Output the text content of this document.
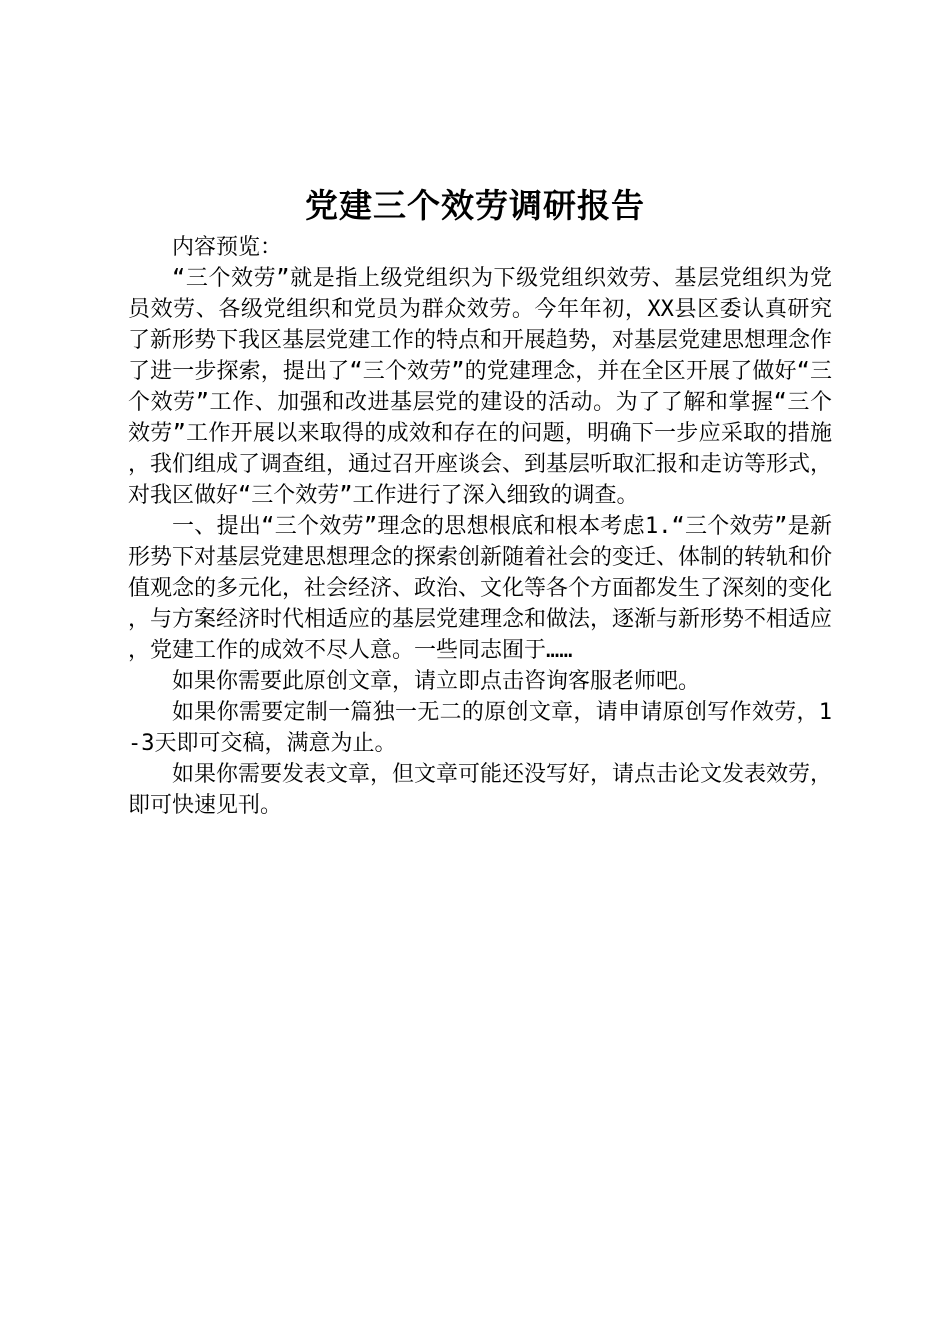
党建三个效劳调研报告

内容预览：

“三个效劳”就是指上级党组织为下级党组织效劳、基层党组织为党员效劳、各级党组织和党员为群众效劳。今年年初，XX县区委认真研究了新形势下我区基层党建工作的特点和开展趋势，对基层党建思想理念作了进一步探索，提出了“三个效劳”的党建理念，并在全区开展了做好“三个效劳”工作、加强和改进基层党的建设的活动。为了了解和掌握“三个效劳”工作开展以来取得的成效和存在的问题，明确下一步应采取的措施，我们组成了调查组，通过召开座谈会、到基层听取汇报和走访等形式，对我区做好“三个效劳”工作进行了深入细致的调查。

一、提出“三个效劳”理念的思想根底和根本考虑1.“三个效劳”是新形势下对基层党建思想理念的探索创新随着社会的变迁、体制的转轨和价值观念的多元化，社会经济、政治、文化等各个方面都发生了深刻的变化，与方案经济时代相适应的基层党建理念和做法，逐渐与新形势不相适应，党建工作的成效不尽人意。一些同志囿于……

如果你需要此原创文章，请立即点击咨询客服老师吧。

如果你需要定制一篇独一无二的原创文章，请申请原创写作效劳，1-3天即可交稿，满意为止。

如果你需要发表文章，但文章可能还没写好，请点击论文发表效劳，即可快速见刊。
